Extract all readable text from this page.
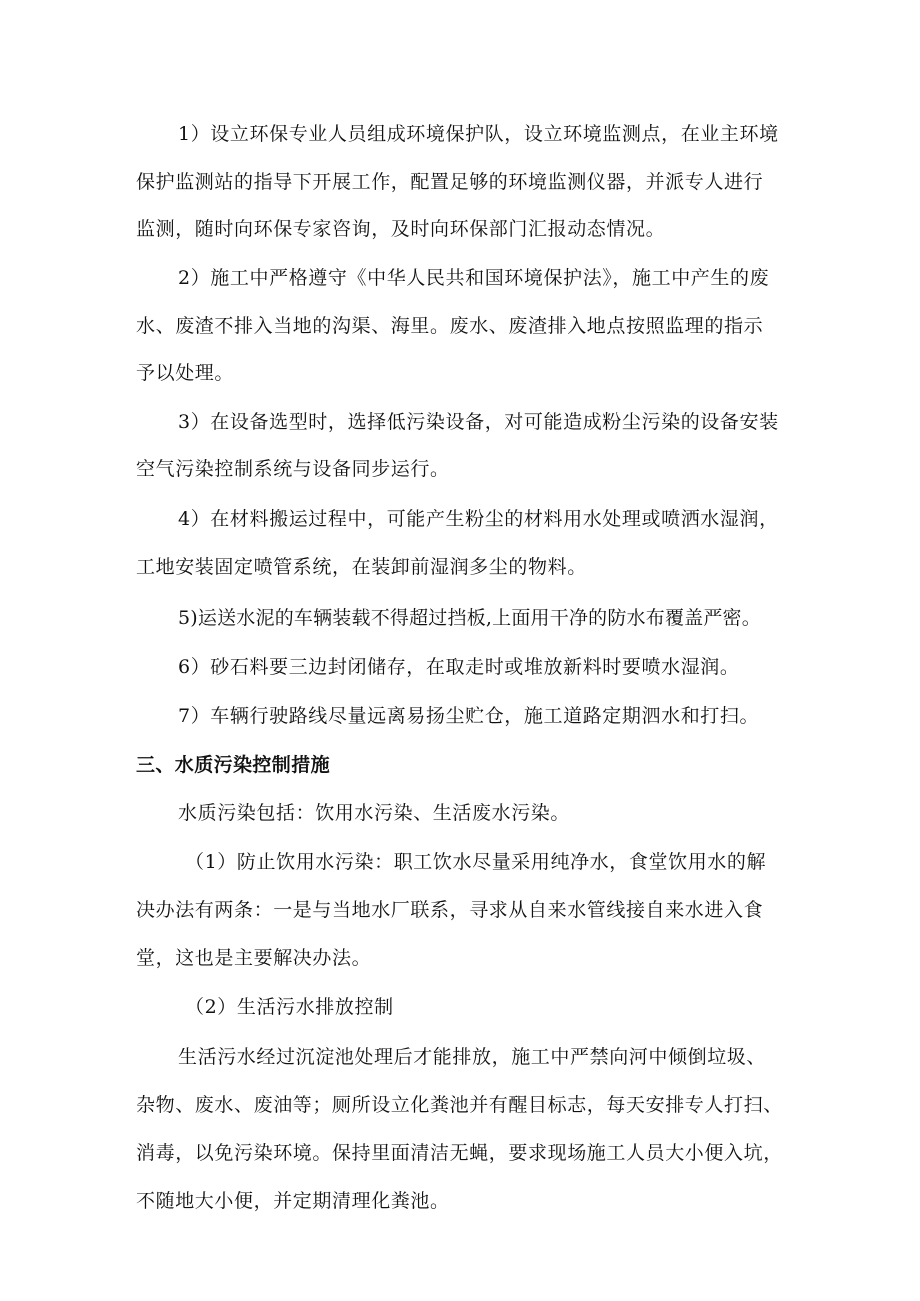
1）设立环保专业人员组成环境保护队，设立环境监测点，在业主环境
保护监测站的指导下开展工作，配置足够的环境监测仪器，并派专人进行
监测，随时向环保专家咨询，及时向环保部门汇报动态情况。
2）施工中严格遵守《中华人民共和国环境保护法》，施工中产生的废
水、废渣不排入当地的沟渠、海里。废水、废渣排入地点按照监理的指示
予以处理。
3）在设备选型时，选择低污染设备，对可能造成粉尘污染的设备安装
空气污染控制系统与设备同步运行。
4）在材料搬运过程中，可能产生粉尘的材料用水处理或喷洒水湿润，
工地安装固定喷管系统，在装卸前湿润多尘的物料。
5)运送水泥的车辆装载不得超过挡板,上面用干净的防水布覆盖严密。
6）砂石料要三边封闭储存，在取走时或堆放新料时要喷水湿润。
7）车辆行驶路线尽量远离易扬尘贮仓，施工道路定期泗水和打扫。
三、水质污染控制措施
水质污染包括：饮用水污染、生活废水污染。
（1）防止饮用水污染：职工饮水尽量采用纯净水，食堂饮用水的解
决办法有两条：一是与当地水厂联系，寻求从自来水管线接自来水进入食
堂，这也是主要解决办法。
（2）生活污水排放控制
生活污水经过沉淀池处理后才能排放，施工中严禁向河中倾倒垃圾、
杂物、废水、废油等；厕所设立化粪池并有醒目标志，每天安排专人打扫、
消毒，以免污染环境。保持里面清洁无蝇，要求现场施工人员大小便入坑，
不随地大小便，并定期清理化粪池。
